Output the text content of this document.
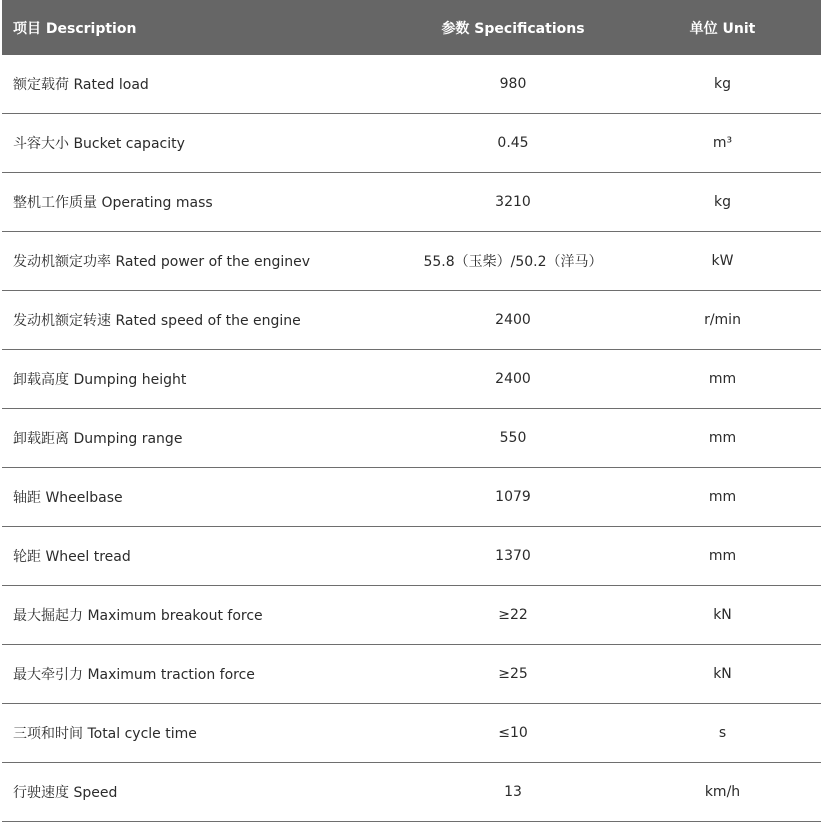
项目 Description	参数 Specifications	单位 Unit
额定载荷 Rated load	980	kg
斗容大小 Bucket capacity	0.45	m³
整机工作质量 Operating mass	3210	kg
发动机额定功率 Rated power of the enginev	55.8（玉柴）/50.2（洋马）	kW
发动机额定转速 Rated speed of the engine	2400	r/min
卸载高度 Dumping height	2400	mm
卸载距离 Dumping range	550	mm
轴距 Wheelbase	1079	mm
轮距 Wheel tread	1370	mm
最大掘起力 Maximum breakout force	≥22	kN
最大牵引力 Maximum traction force	≥25	kN
三项和时间 Total cycle time	≤10	s
行驶速度 Speed	13	km/h
